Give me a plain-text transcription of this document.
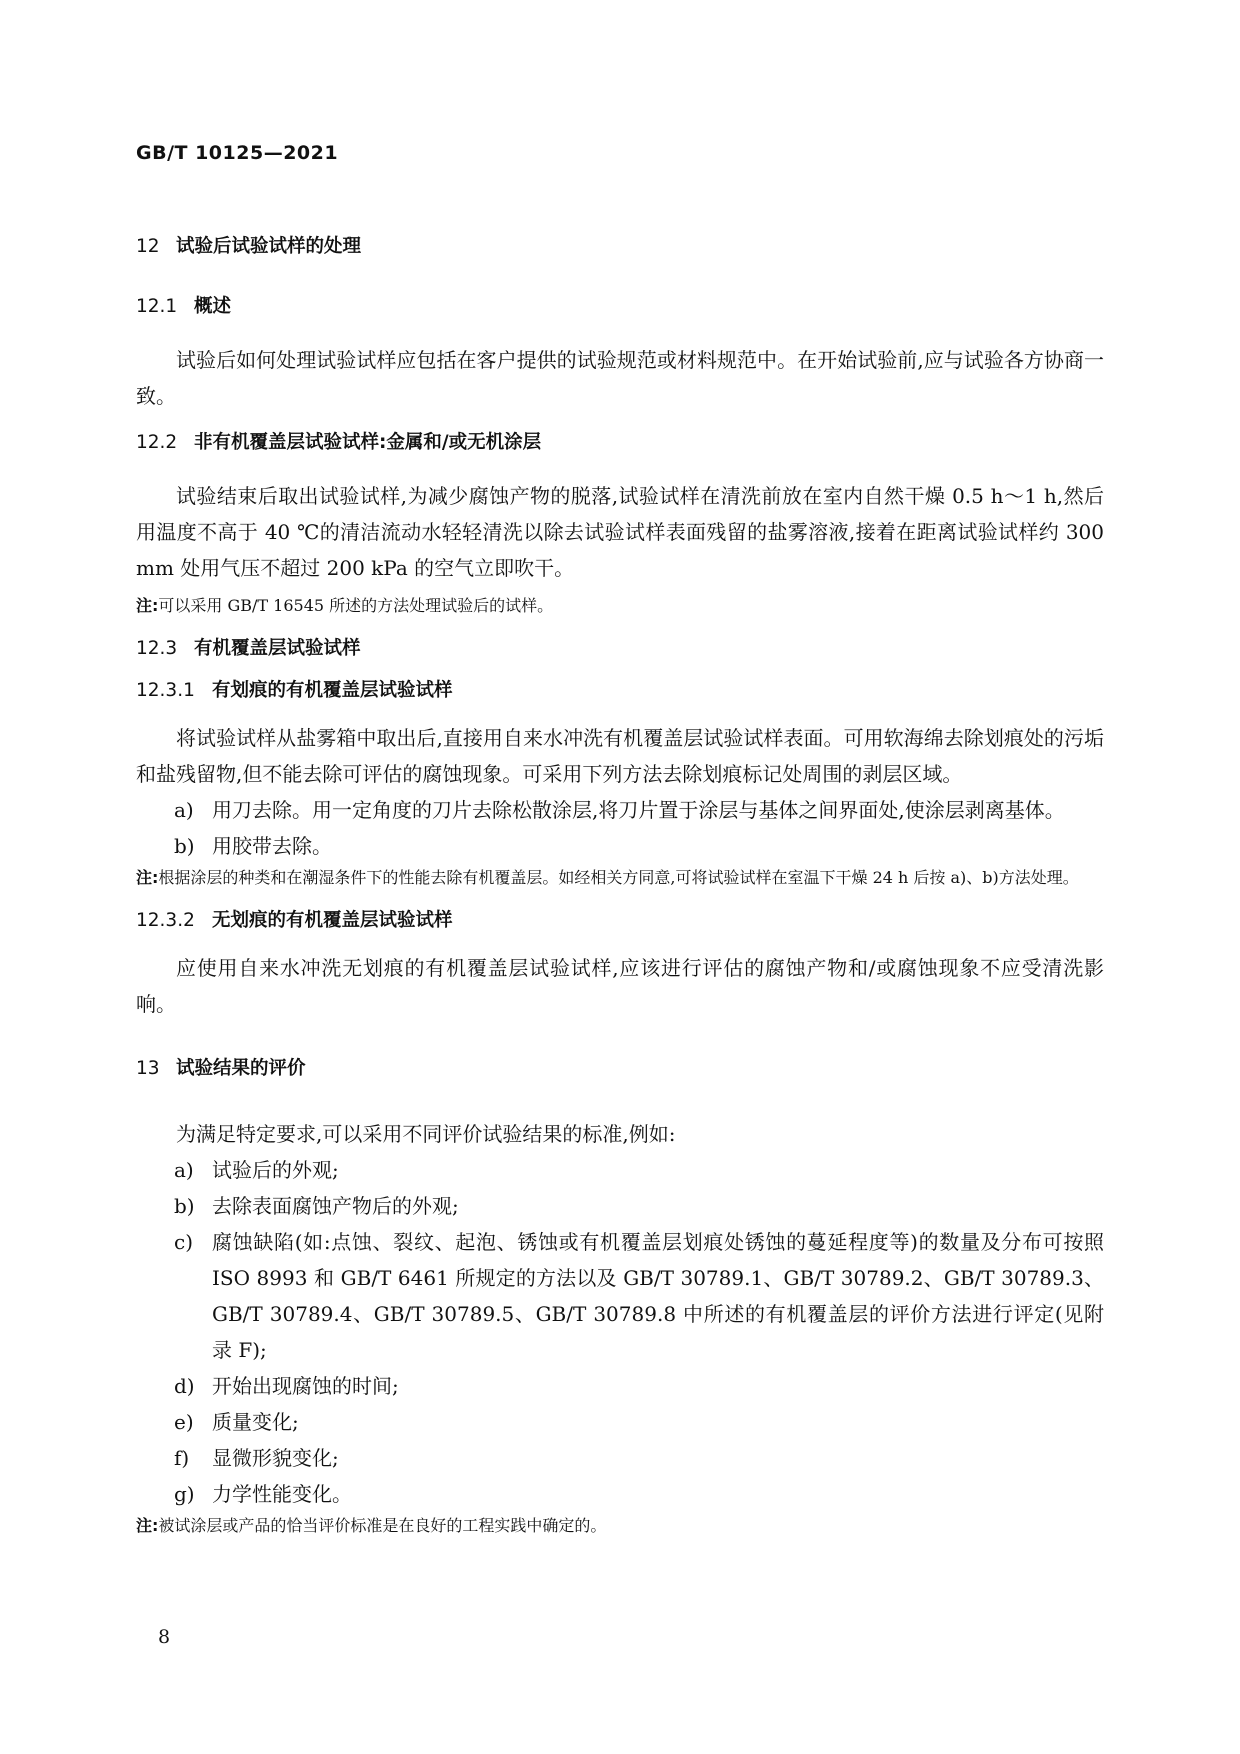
GB/T 10125—2021
12 试验后试验试样的处理
12.1 概述
试验后如何处理试验试样应包括在客户提供的试验规范或材料规范中。在开始试验前,应与试验各方协商一致。
12.2 非有机覆盖层试验试样:金属和/或无机涂层
试验结束后取出试验试样,为减少腐蚀产物的脱落,试验试样在清洗前放在室内自然干燥 0.5 h～1 h,然后用温度不高于 40 ℃的清洁流动水轻轻清洗以除去试验试样表面残留的盐雾溶液,接着在距离试验试样约 300 mm 处用气压不超过 200 kPa 的空气立即吹干。
注: 可以采用 GB/T 16545 所述的方法处理试验后的试样。
12.3 有机覆盖层试验试样
12.3.1 有划痕的有机覆盖层试验试样
将试验试样从盐雾箱中取出后,直接用自来水冲洗有机覆盖层试验试样表面。可用软海绵去除划痕处的污垢和盐残留物,但不能去除可评估的腐蚀现象。可采用下列方法去除划痕标记处周围的剥层区域。
a) 用刀去除。用一定角度的刀片去除松散涂层,将刀片置于涂层与基体之间界面处,使涂层剥离基体。
b) 用胶带去除。
注: 根据涂层的种类和在潮湿条件下的性能去除有机覆盖层。如经相关方同意,可将试验试样在室温下干燥 24 h 后按 a)、b)方法处理。
12.3.2 无划痕的有机覆盖层试验试样
应使用自来水冲洗无划痕的有机覆盖层试验试样,应该进行评估的腐蚀产物和/或腐蚀现象不应受清洗影响。
13 试验结果的评价
为满足特定要求,可以采用不同评价试验结果的标准,例如:
a) 试验后的外观;
b) 去除表面腐蚀产物后的外观;
c) 腐蚀缺陷(如:点蚀、裂纹、起泡、锈蚀或有机覆盖层划痕处锈蚀的蔓延程度等)的数量及分布可按照 ISO 8993 和 GB/T 6461 所规定的方法以及 GB/T 30789.1、GB/T 30789.2、GB/T 30789.3、GB/T 30789.4、GB/T 30789.5、GB/T 30789.8 中所述的有机覆盖层的评价方法进行评定(见附录 F);
d) 开始出现腐蚀的时间;
e) 质量变化;
f)	显微形貌变化;
g) 力学性能变化。
注: 被试涂层或产品的恰当评价标准是在良好的工程实践中确定的。
8
